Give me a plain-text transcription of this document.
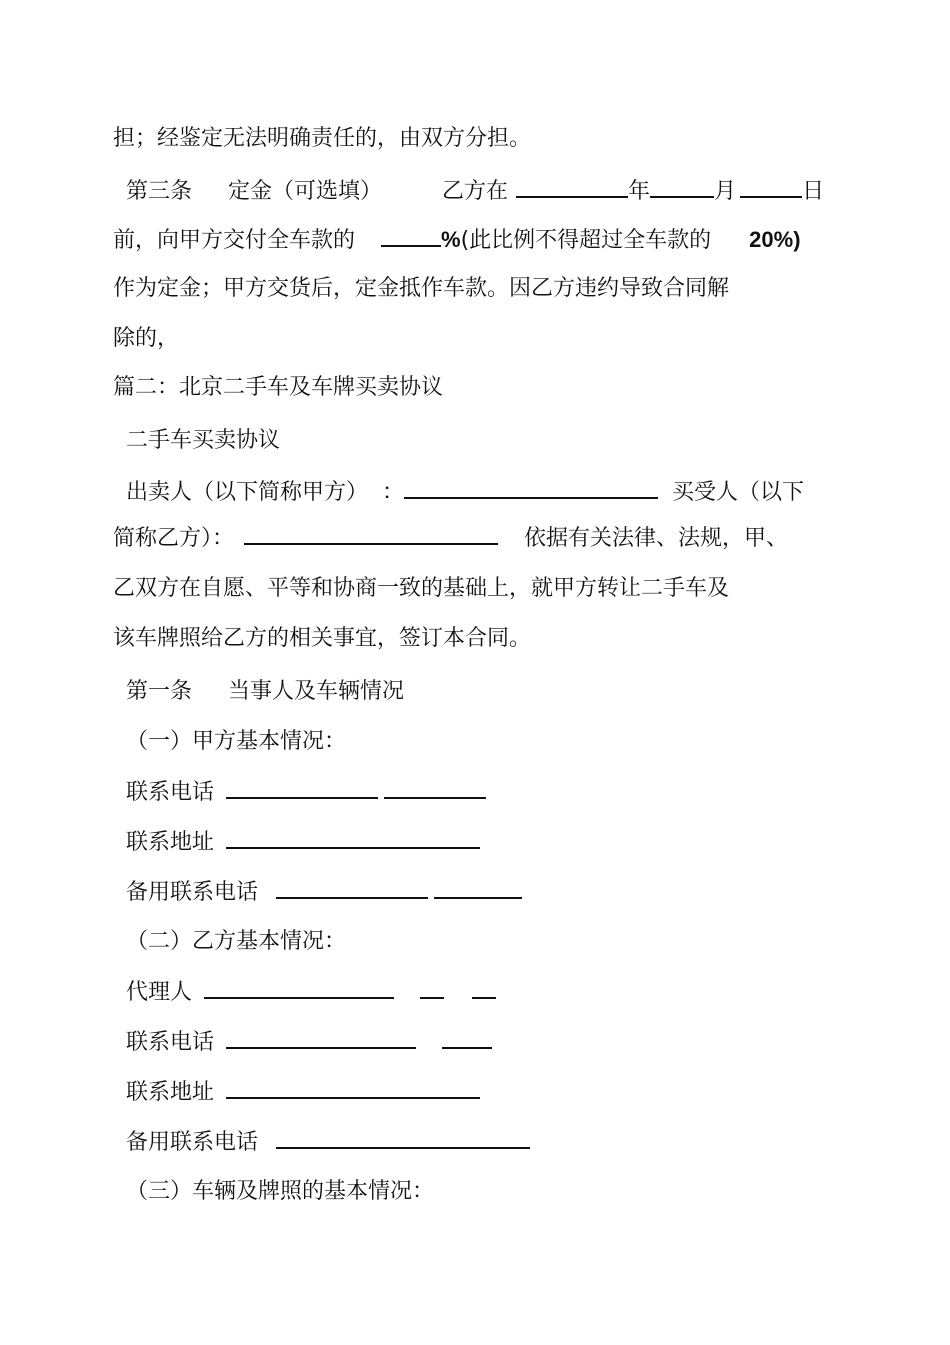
担；经鉴定无法明确责任的，由双方分担。
第三条 定金（可选填）	乙方在	年	月	日
前，向甲方交付全车款的	%(此比例不得超过全车款的 20%)
作为定金；甲方交货后，定金抵作车款。因乙方违约导致合同解
除的，
篇二：北京二手车及车牌买卖协议
二手车买卖协议
出卖人（以下简称甲方） ：	买受人（以下
简称乙方）：	依据有关法律、法规，甲、
乙双方在自愿、平等和协商一致的基础上，就甲方转让二手车及
该车牌照给乙方的相关事宜，签订本合同。
第一条 当事人及车辆情况
（一）甲方基本情况：
联系电话
联系地址
备用联系电话
（二）乙方基本情况：
代理人
联系电话
联系地址
备用联系电话
（三）车辆及牌照的基本情况：
